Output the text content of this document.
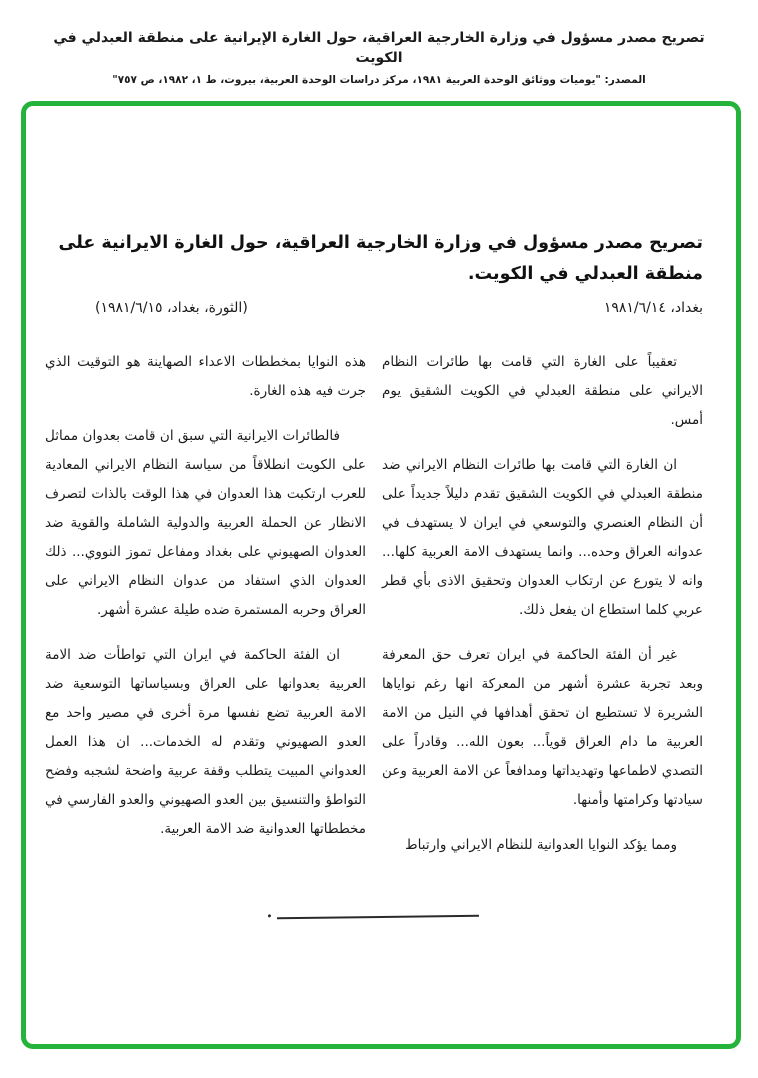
تصريح مصدر مسؤول في وزارة الخارجية العراقية، حول الغارة الإيرانية على منطقة العبدلي في الكويت
المصدر: "يوميات ووثائق الوحدة العربية ١٩٨١، مركز دراسات الوحدة العربية، بيروت، ط ١، ١٩٨٢، ص ٧٥٧"
تصريح مصدر مسؤول في وزارة الخارجية العراقية، حول الغارة الايرانية على منطقة العبدلي في الكويت.
بغداد، ١٩٨١/٦/١٤
(الثورة، بغداد، ١٩٨١/٦/١٥)

تعقيباً على الغارة التي قامت بها طائرات النظام الايراني على منطقة العبدلي في الكويت الشقيق يوم أمس.

ان الغارة التي قامت بها طائرات النظام الايراني ضد منطقة العبدلي في الكويت الشقيق تقدم دليلاً جديداً على أن النظام العنصري والتوسعي في ايران لا يستهدف في عدوانه العراق وحده... وانما يستهدف الامة العربية كلها... وانه لا يتورع عن ارتكاب العدوان وتحقيق الاذى بأي قطر عربي كلما استطاع ان يفعل ذلك.

غير أن الفئة الحاكمة في ايران تعرف حق المعرفة وبعد تجربة عشرة أشهر من المعركة انها رغم نواياها الشريرة لا تستطيع ان تحقق أهدافها في النيل من الامة العربية ما دام العراق قوياً... بعون الله... وقادراً على التصدي لاطماعها وتهديداتها ومدافعاً عن الامة العربية وعن سيادتها وكرامتها وأمنها.

ومما يؤكد النوايا العدوانية للنظام الايراني وارتباط

هذه النوايا بمخططات الاعداء الصهاينة هو التوقيت الذي جرت فيه هذه الغارة.

فالطائرات الايرانية التي سبق ان قامت بعدوان مماثل على الكويت انطلاقاً من سياسة النظام الايراني المعادية للعرب ارتكبت هذا العدوان في هذا الوقت بالذات لتصرف الانظار عن الحملة العربية والدولية الشاملة والقوية ضد العدوان الصهيوني على بغداد ومفاعل تموز النووي... ذلك العدوان الذي استفاد من عدوان النظام الايراني على العراق وحربه المستمرة ضده طيلة عشرة أشهر.

ان الفئة الحاكمة في ايران التي تواطأت ضد الامة العربية بعدوانها على العراق وبسياساتها التوسعية ضد الامة العربية تضع نفسها مرة أخرى في مصير واحد مع العدو الصهيوني وتقدم له الخدمات... ان هذا العمل العدواني المبيت يتطلب وقفة عربية واضحة لشجبه وفضح التواطؤ والتنسيق بين العدو الصهيوني والعدو الفارسي في مخططاتها العدوانية ضد الامة العربية.
